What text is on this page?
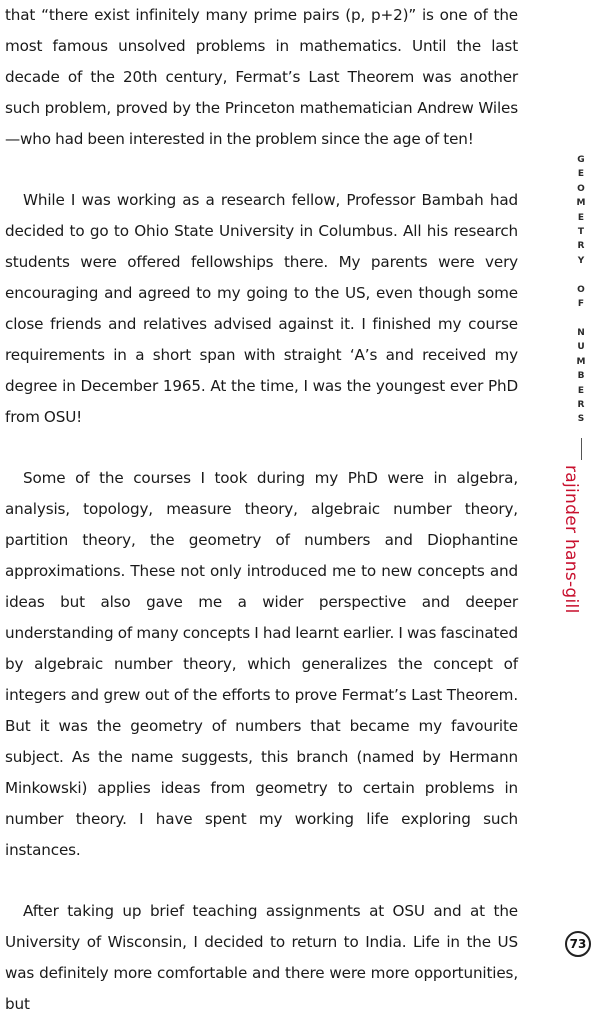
that “there exist infinitely many prime pairs (p, p+2)” is one of the most famous unsolved problems in mathematics. Until the last decade of the 20th century, Fermat’s Last Theorem was another such problem, proved by the Princeton mathematician Andrew Wiles—who had been interested in the problem since the age of ten!

While I was working as a research fellow, Professor Bambah had decided to go to Ohio State University in Columbus. All his research students were offered fellowships there. My parents were very encouraging and agreed to my going to the US, even though some close friends and relatives advised against it. I finished my course requirements in a short span with straight ‘A’s and received my degree in December 1965. At the time, I was the youngest ever PhD from OSU!

Some of the courses I took during my PhD were in algebra, analysis, topology, measure theory, algebraic number theory, partition theory, the geometry of numbers and Diophantine approximations. These not only introduced me to new concepts and ideas but also gave me a wider perspective and deeper understanding of many concepts I had learnt earlier. I was fascinated by algebraic number theory, which generalizes the concept of integers and grew out of the efforts to prove Fermat’s Last Theorem. But it was the geometry of numbers that became my favourite subject. As the name suggests, this branch (named by Hermann Minkowski) applies ideas from geometry to certain problems in number theory. I have spent my working life exploring such instances.

After taking up brief teaching assignments at OSU and at the University of Wisconsin, I decided to return to India. Life in the US was definitely more comfortable and there were more opportunities, but

G
E
O
M
E
T
R
Y

O
F

N
U
M
B
E
R
S
rajinder hans-gill
73
